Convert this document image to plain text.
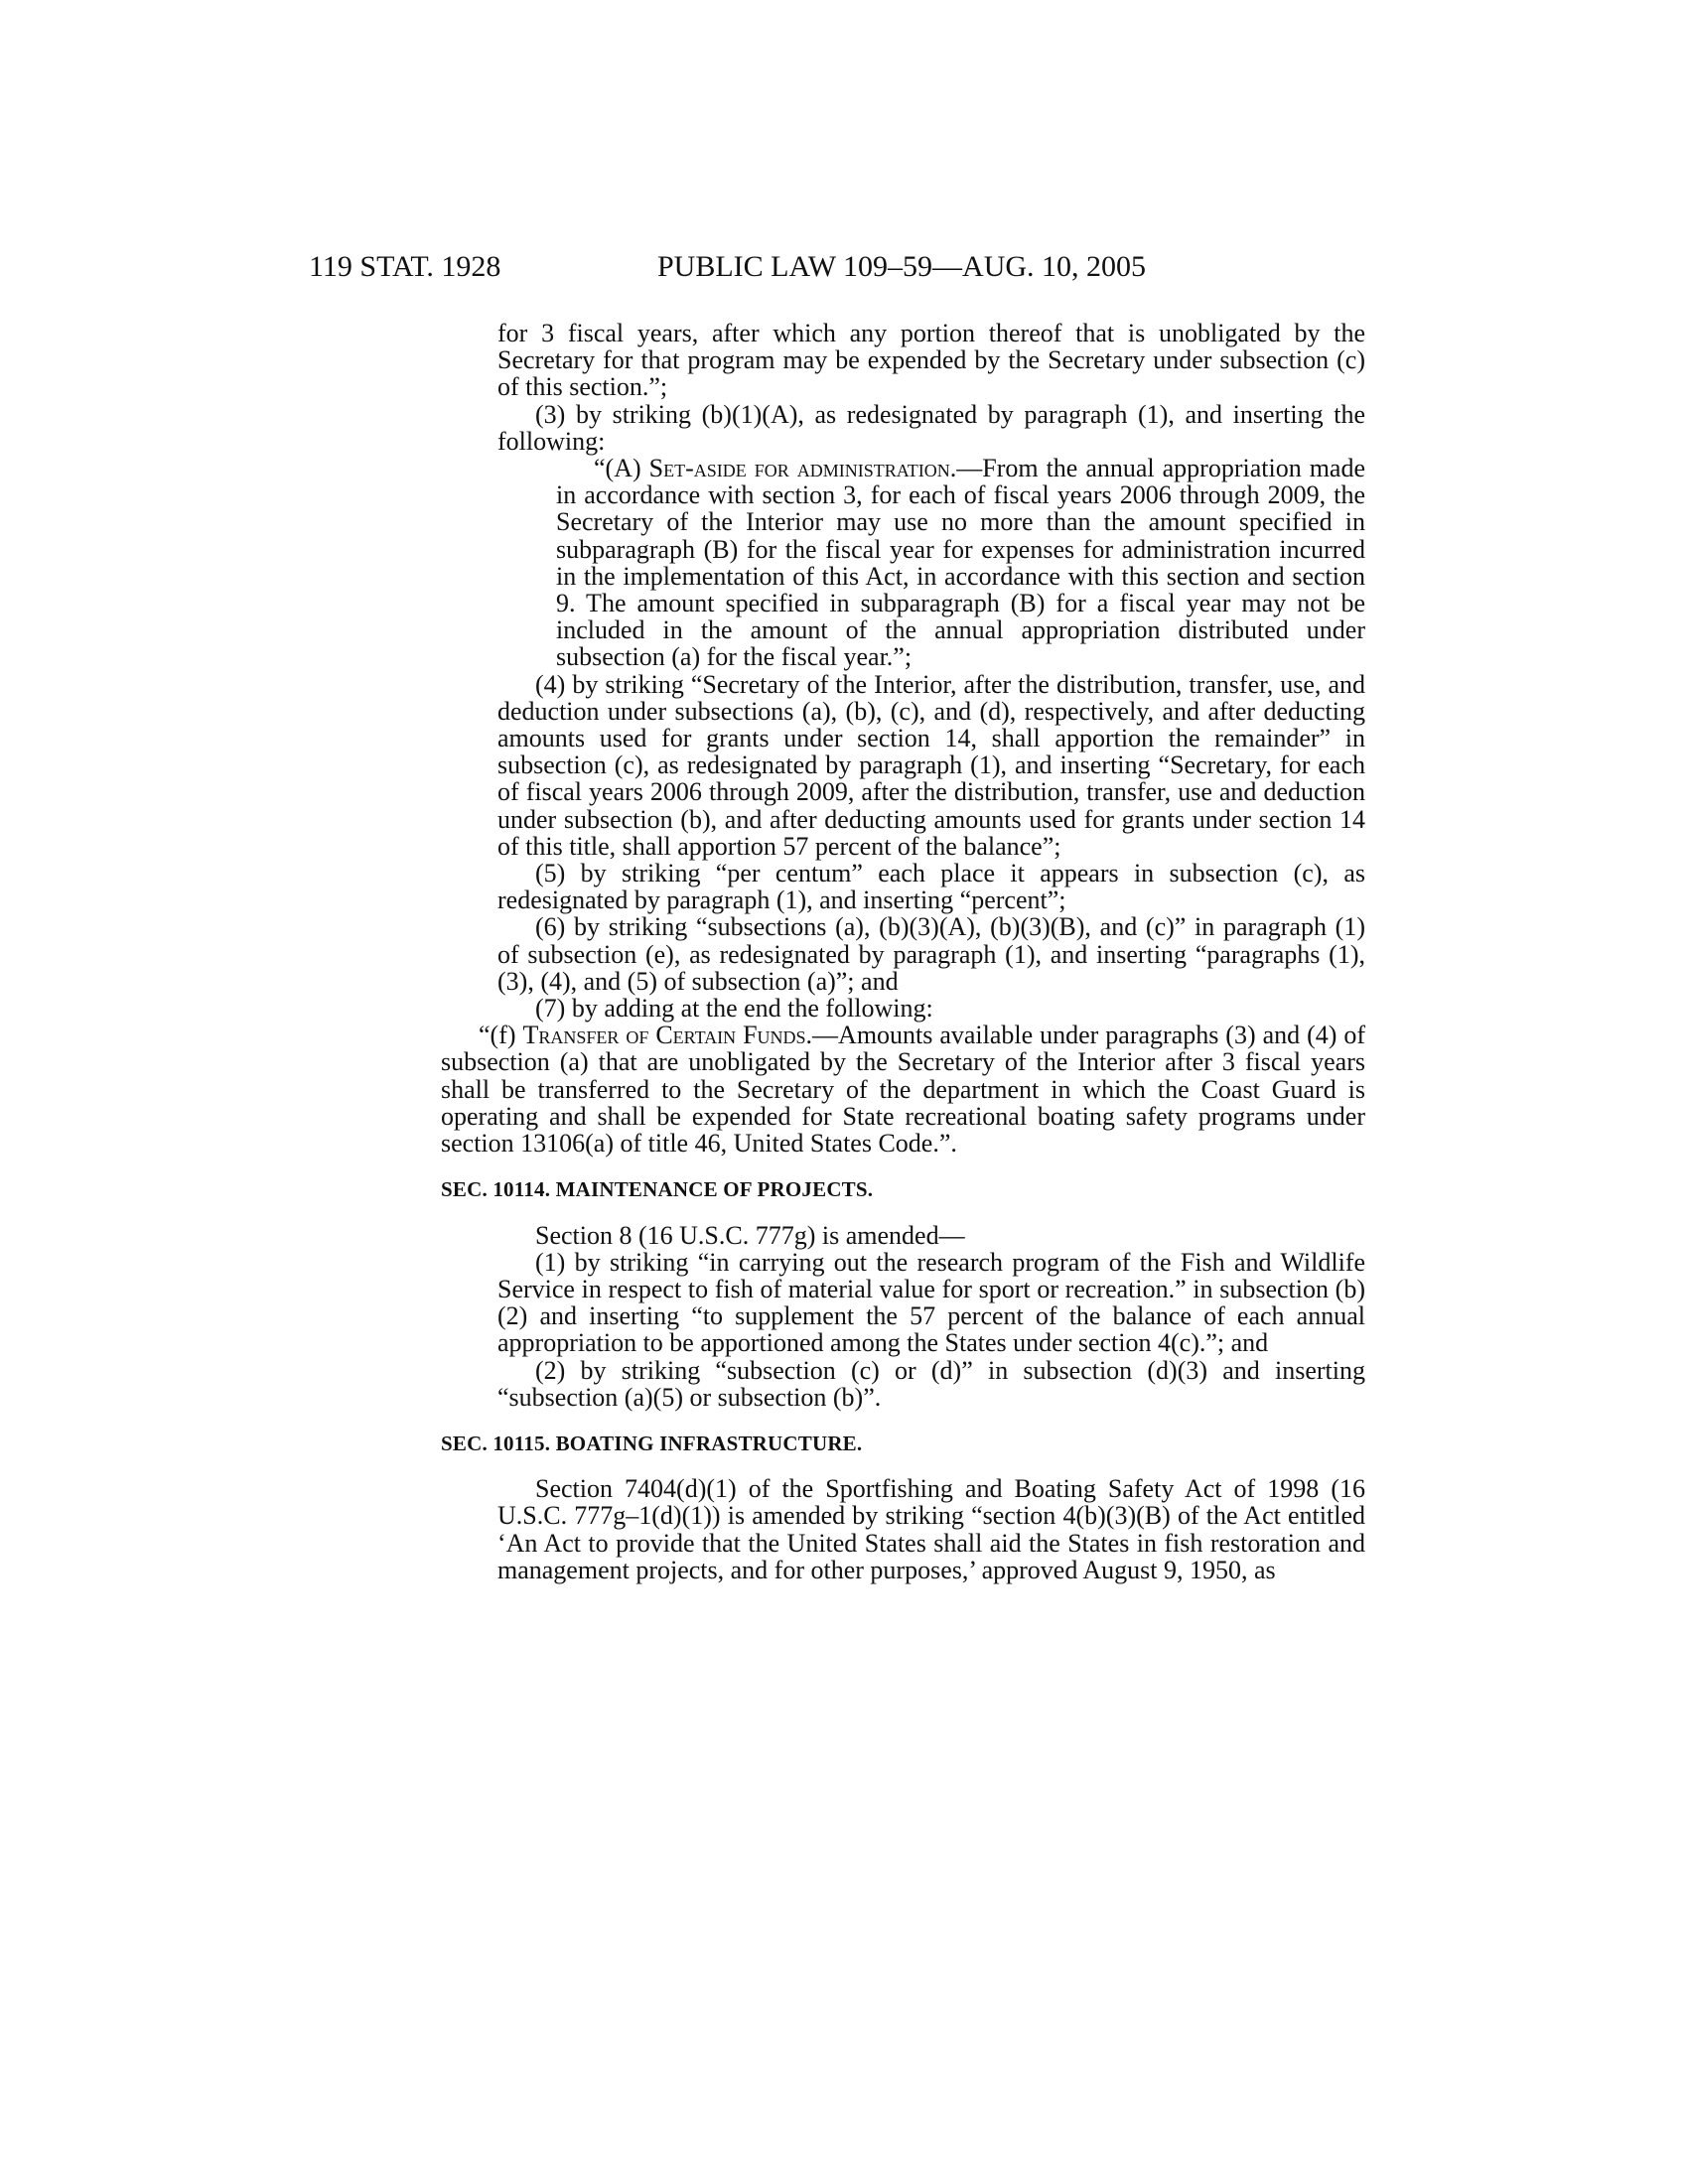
119 STAT. 1928	PUBLIC LAW 109–59—AUG. 10, 2005

for 3 fiscal years, after which any portion thereof that is unobligated by the Secretary for that program may be expended by the Secretary under subsection (c) of this section.”;

(3) by striking (b)(1)(A), as redesignated by paragraph (1), and inserting the following:

“(A) Set-aside for administration.—From the annual appropriation made in accordance with section 3, for each of fiscal years 2006 through 2009, the Secretary of the Interior may use no more than the amount specified in subparagraph (B) for the fiscal year for expenses for administration incurred in the implementation of this Act, in accordance with this section and section 9. The amount specified in subparagraph (B) for a fiscal year may not be included in the amount of the annual appropriation distributed under subsection (a) for the fiscal year.”;

(4) by striking “Secretary of the Interior, after the distribution, transfer, use, and deduction under subsections (a), (b), (c), and (d), respectively, and after deducting amounts used for grants under section 14, shall apportion the remainder” in subsection (c), as redesignated by paragraph (1), and inserting “Secretary, for each of fiscal years 2006 through 2009, after the distribution, transfer, use and deduction under subsection (b), and after deducting amounts used for grants under section 14 of this title, shall apportion 57 percent of the balance”;

(5) by striking “per centum” each place it appears in subsection (c), as redesignated by paragraph (1), and inserting “percent”;

(6) by striking “subsections (a), (b)(3)(A), (b)(3)(B), and (c)” in paragraph (1) of subsection (e), as redesignated by paragraph (1), and inserting “paragraphs (1), (3), (4), and (5) of subsection (a)”; and

(7) by adding at the end the following:

“(f) Transfer of Certain Funds.—Amounts available under paragraphs (3) and (4) of subsection (a) that are unobligated by the Secretary of the Interior after 3 fiscal years shall be transferred to the Secretary of the department in which the Coast Guard is operating and shall be expended for State recreational boating safety programs under section 13106(a) of title 46, United States Code.”.

SEC. 10114. MAINTENANCE OF PROJECTS.

Section 8 (16 U.S.C. 777g) is amended—

(1) by striking “in carrying out the research program of the Fish and Wildlife Service in respect to fish of material value for sport or recreation.” in subsection (b)(2) and inserting “to supplement the 57 percent of the balance of each annual appropriation to be apportioned among the States under section 4(c).”; and

(2) by striking “subsection (c) or (d)” in subsection (d)(3) and inserting “subsection (a)(5) or subsection (b)”.

SEC. 10115. BOATING INFRASTRUCTURE.

Section 7404(d)(1) of the Sportfishing and Boating Safety Act of 1998 (16 U.S.C. 777g–1(d)(1)) is amended by striking “section 4(b)(3)(B) of the Act entitled ‘An Act to provide that the United States shall aid the States in fish restoration and management projects, and for other purposes,’ approved August 9, 1950, as
